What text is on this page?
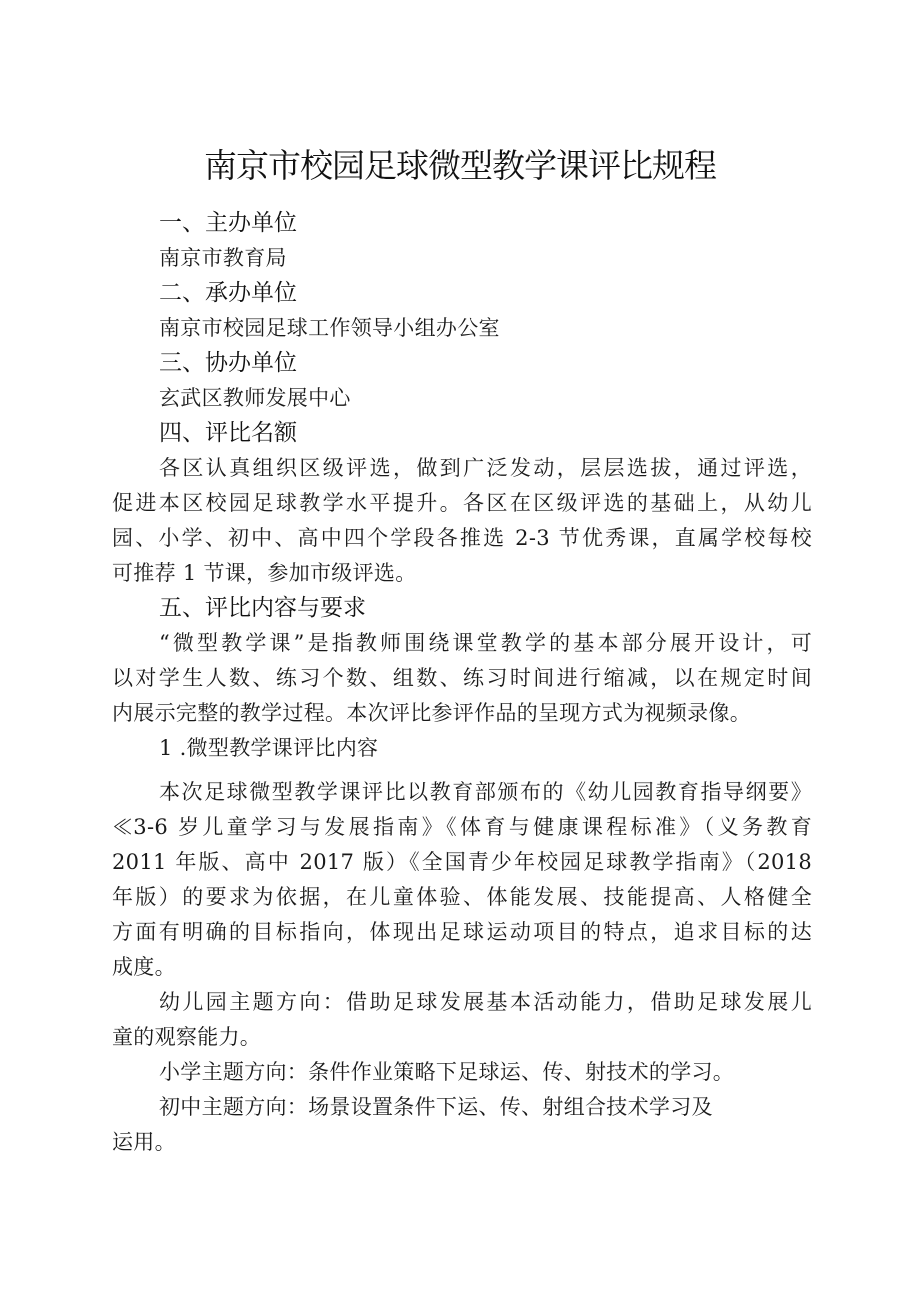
南京市校园足球微型教学课评比规程
一、主办单位
南京市教育局
二、承办单位
南京市校园足球工作领导小组办公室
三、协办单位
玄武区教师发展中心
四、评比名额
各区认真组织区级评选，做到广泛发动，层层选拔，通过评选，
促进本区校园足球教学水平提升。各区在区级评选的基础上，从幼儿
园、小学、初中、高中四个学段各推选 2-3 节优秀课，直属学校每校
可推荐 1 节课，参加市级评选。
五、评比内容与要求
“微型教学课”是指教师围绕课堂教学的基本部分展开设计，可
以对学生人数、练习个数、组数、练习时间进行缩减，以在规定时间
内展示完整的教学过程。本次评比参评作品的呈现方式为视频录像。
1 .微型教学课评比内容
本次足球微型教学课评比以教育部颁布的《幼儿园教育指导纲要》
≪3-6 岁儿童学习与发展指南》《体育与健康课程标准》（义务教育
2011 年版、高中 2017 版）《全国青少年校园足球教学指南》（2018
年版）的要求为依据，在儿童体验、体能发展、技能提高、人格健全
方面有明确的目标指向，体现出足球运动项目的特点，追求目标的达
成度。
幼儿园主题方向：借助足球发展基本活动能力，借助足球发展儿
童的观察能力。
小学主题方向：条件作业策略下足球运、传、射技术的学习。
初中主题方向：场景设置条件下运、传、射组合技术学习及
运用。
